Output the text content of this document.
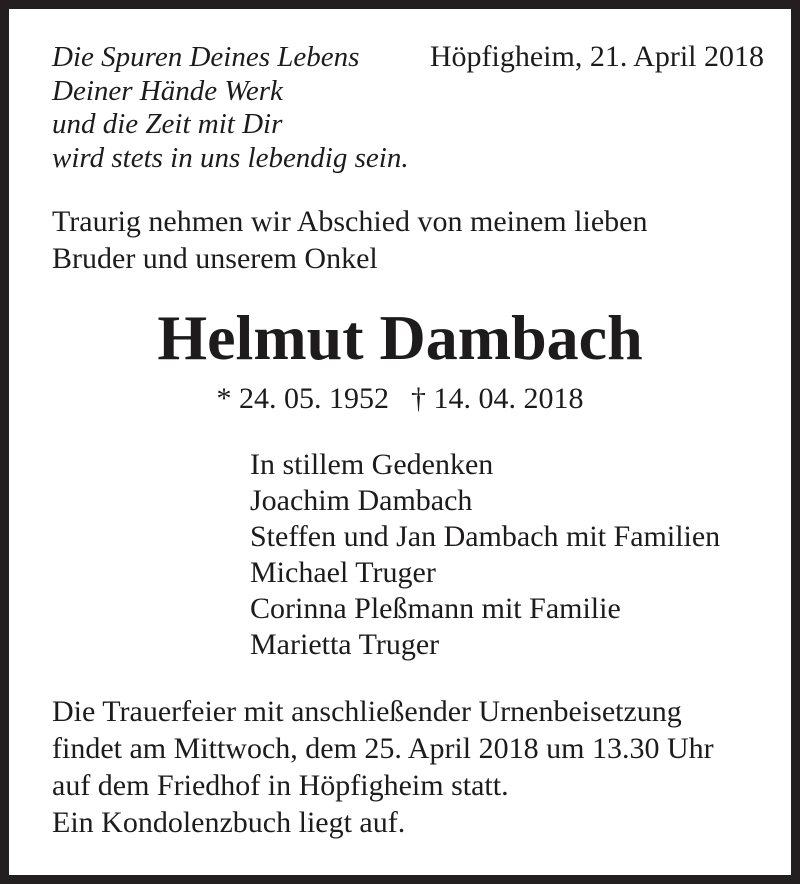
Die Spuren Deines Lebens
Deiner Hände Werk
und die Zeit mit Dir
wird stets in uns lebendig sein.
Höpfigheim, 21. April 2018
Traurig nehmen wir Abschied von meinem lieben
Bruder und unserem Onkel
Helmut Dambach
* 24. 05. 1952 † 14. 04. 2018
In stillem Gedenken
Joachim Dambach
Steffen und Jan Dambach mit Familien
Michael Truger
Corinna Pleßmann mit Familie
Marietta Truger
Die Trauerfeier mit anschließender Urnenbeisetzung
findet am Mittwoch, dem 25. April 2018 um 13.30 Uhr
auf dem Friedhof in Höpfigheim statt.
Ein Kondolenzbuch liegt auf.
